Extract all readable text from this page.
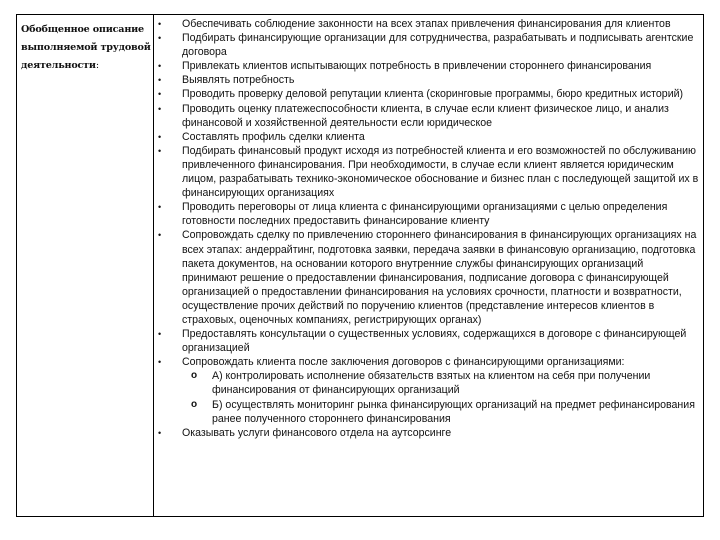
Обобщенное описание выполняемой трудовой деятельности:
• Обеспечивать соблюдение законности на всех этапах привлечения финансирования для клиентов
• Подбирать финансирующие организации для сотрудничества, разрабатывать и подписывать агентские договора
• Привлекать клиентов испытывающих потребность в привлечении стороннего финансирования
• Выявлять потребность
• Проводить проверку деловой репутации клиента (скоринговые программы, бюро кредитных историй)
• Проводить оценку платежеспособности клиента, в случае если клиент физическое лицо, и анализ финансовой и хозяйственной деятельности если юридическое
• Составлять профиль сделки клиента
• Подбирать финансовый продукт исходя из потребностей клиента и его возможностей по обслуживанию привлеченного финансирования. При необходимости, в случае если клиент является юридическим лицом, разрабатывать технико-экономическое обоснование и бизнес план с последующей защитой их в финансирующих организациях
• Проводить переговоры от лица клиента с финансирующими организациями с целью определения готовности последних предоставить финансирование клиенту
• Сопровождать сделку по привлечению стороннего финансирования в финансирующих организациях на всех этапах: андеррайтинг, подготовка заявки, передача заявки в финансовую организацию, подготовка пакета документов, на основании которого внутренние службы финансирующих организаций принимают решение о предоставлении финансирования, подписание договора с финансирующей организацией о предоставлении финансирования на условиях срочности, платности и возвратности, осуществление прочих действий по поручению клиентов (представление интересов клиентов в страховых, оценочных компаниях, регистрирующих органах)
• Предоставлять консультации о существенных условиях, содержащихся в договоре с финансирующей организацией
• Сопровождать клиента после заключения договоров с финансирующими организациями:
o А) контролировать исполнение обязательств взятых на клиентом на себя при получении финансирования от финансирующих организаций
o Б) осуществлять мониторинг рынка финансирующих организаций на предмет рефинансирования ранее полученного стороннего финансирования
• Оказывать услуги финансового отдела на аутсорсинге
